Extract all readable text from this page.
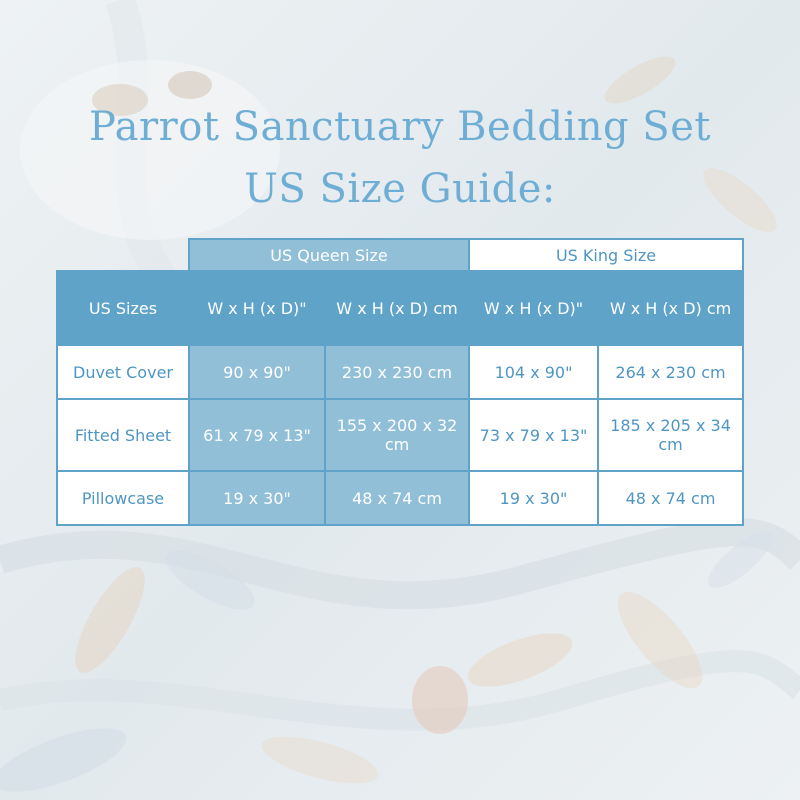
Parrot Sanctuary Bedding Set
US Size Guide:
	US Queen Size		US King Size	
US Sizes	W x H (x D)"	W x H (x D) cm	W x H (x D)"	W x H (x D) cm
Duvet Cover	90 x 90"	230 x 230 cm	104 x 90"	264 x 230 cm
Fitted Sheet	61 x 79 x 13"	155 x 200 x 32 cm	73 x 79 x 13"	185 x 205 x 34 cm
Pillowcase	19 x 30"	48 x 74 cm	19 x 30"	48 x 74 cm
